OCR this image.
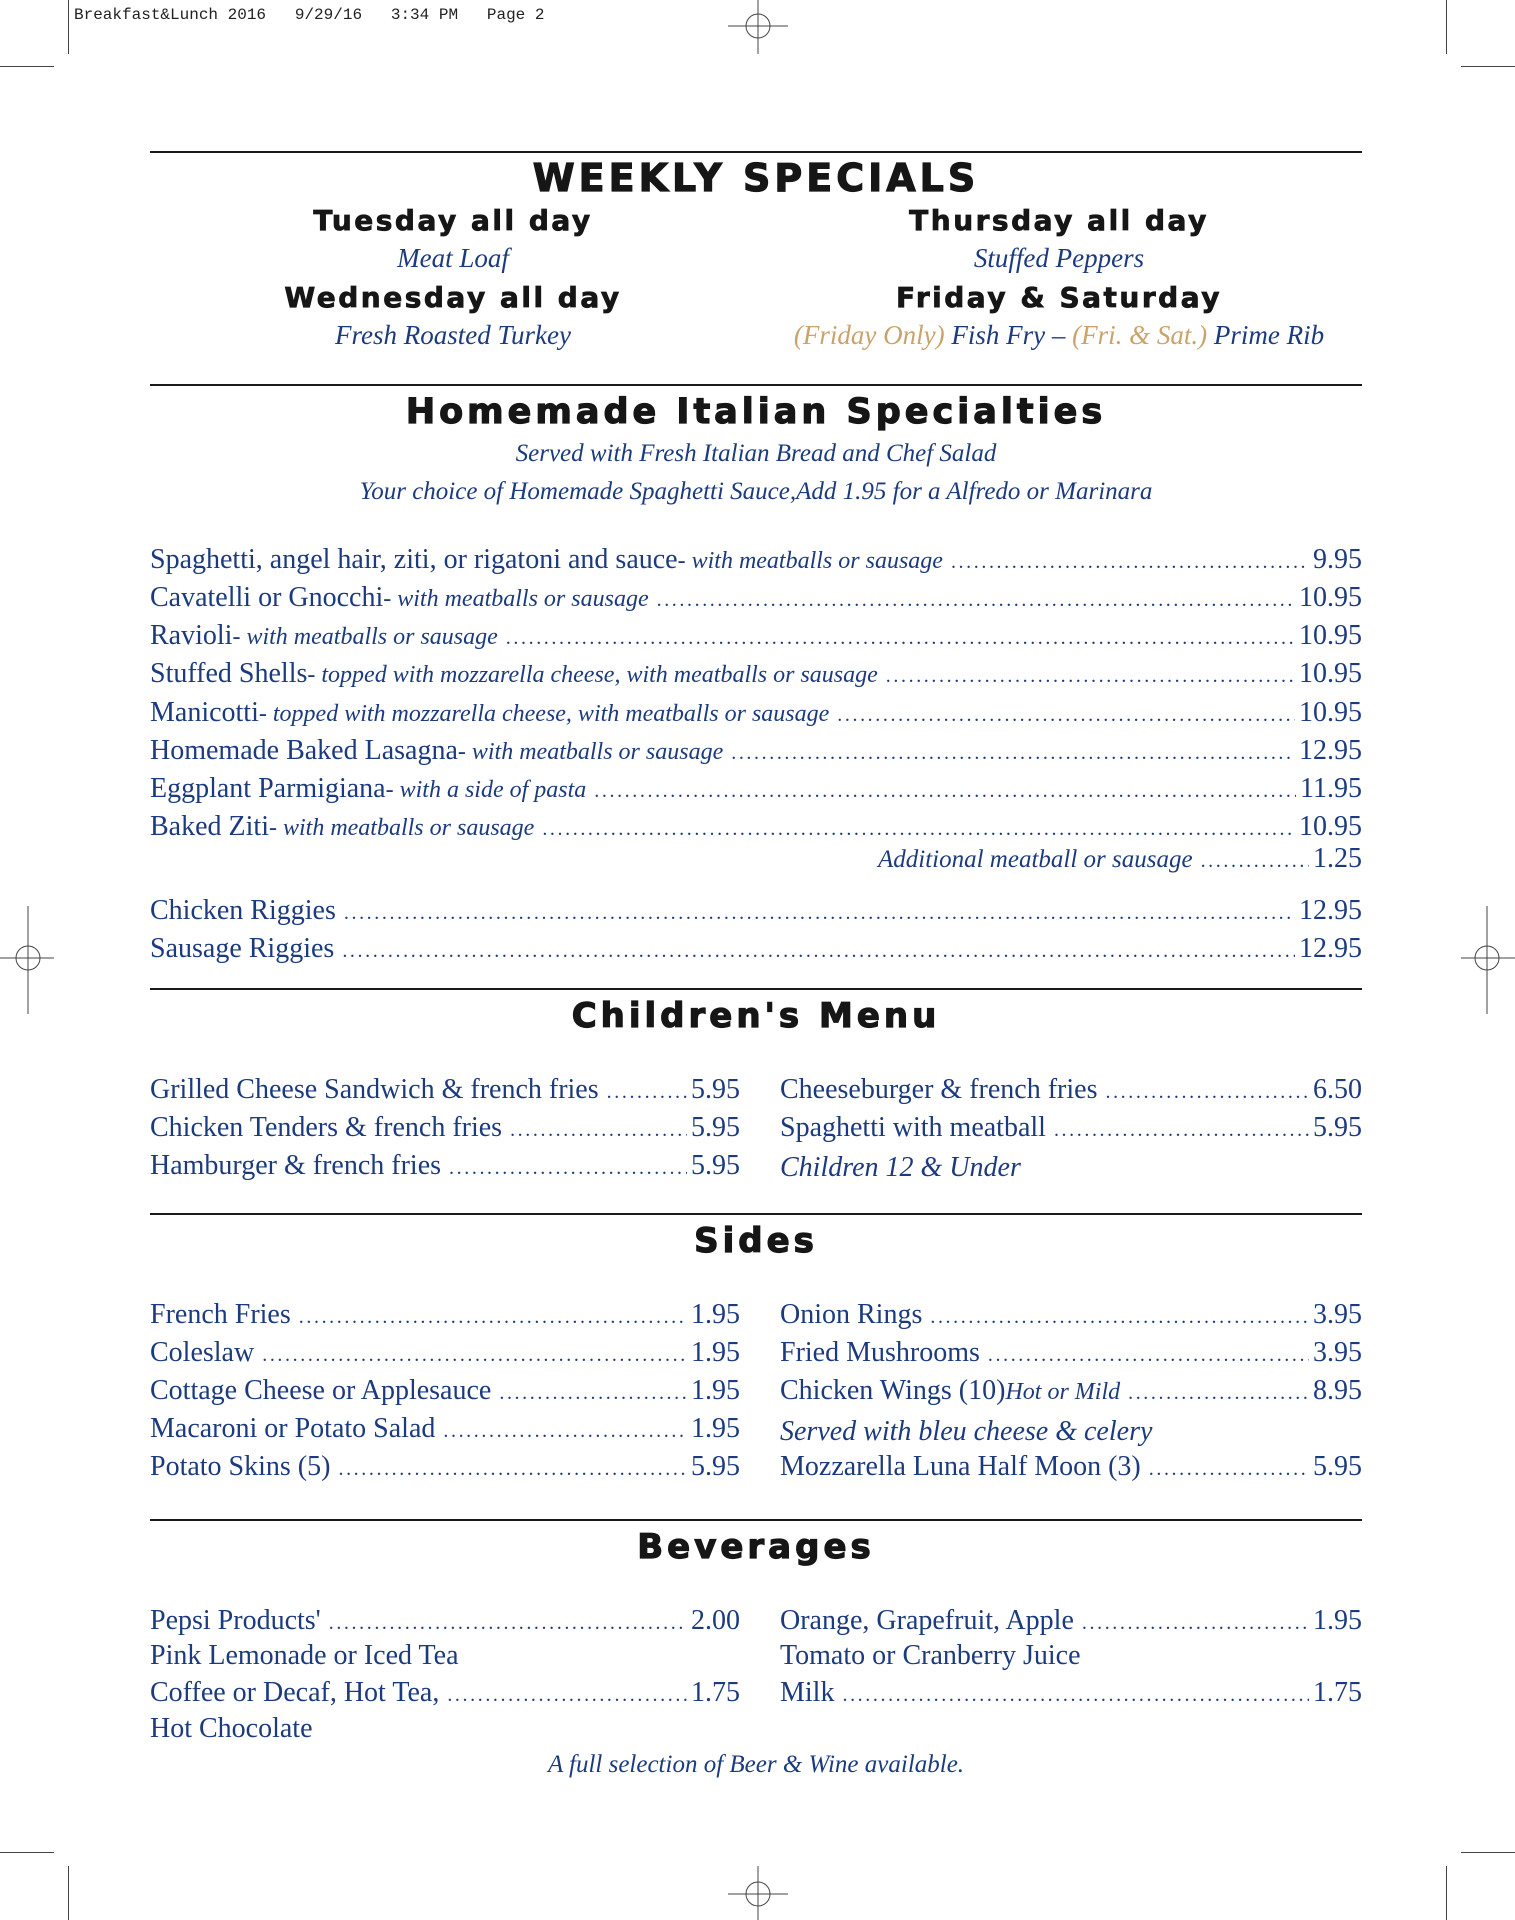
Breakfast&Lunch 2016   9/29/16   3:34 PM   Page 2
WEEKLY SPECIALS
Tuesday all day
Meat Loaf
Wednesday all day
Fresh Roasted Turkey
Thursday all day
Stuffed Peppers
Friday & Saturday
(Friday Only) Fish Fry – (Fri. & Sat.) Prime Rib
Homemade Italian Specialties
Served with Fresh Italian Bread and Chef Salad
Your choice of Homemade Spaghetti Sauce,Add 1.95 for a Alfredo or Marinara
Spaghetti, angel hair, ziti, or rigatoni and sauce - with meatballs or sausage .....	9.95
Cavatelli or Gnocchi - with meatballs or sausage .....	10.95
Ravioli - with meatballs or sausage .....	10.95
Stuffed Shells - topped with mozzarella cheese, with meatballs or sausage .....	10.95
Manicotti - topped with mozzarella cheese, with meatballs or sausage .....	10.95
Homemade Baked Lasagna - with meatballs or sausage .....	12.95
Eggplant Parmigiana - with a side of pasta .....	11.95
Baked Ziti - with meatballs or sausage .....	10.95
Chicken Riggies .....	12.95
Sausage Riggies .....	12.95
Additional meatball or sausage .....	1.25
Children's Menu
Grilled Cheese Sandwich & french fries .....	5.95
Chicken Tenders & french fries .....	5.95
Hamburger & french fries .....	5.95
Cheeseburger & french fries .....	6.50
Spaghetti with meatball .....	5.95
Children 12 & Under
Sides
French Fries .....	1.95
Coleslaw .....	1.95
Cottage Cheese or Applesauce .....	1.95
Macaroni or Potato Salad .....	1.95
Potato Skins (5) .....	5.95
Onion Rings .....	3.95
Fried Mushrooms .....	3.95
Chicken Wings (10) Hot or Mild .....	8.95
Mozzarella Luna Half Moon (3) .....	5.95
Served with bleu cheese & celery
Beverages
Pepsi Products' .....	2.00
Pink Lemonade or Iced Tea
Coffee or Decaf, Hot Tea, .....	1.75
Hot Chocolate
Orange, Grapefruit, Apple .....	1.95
Tomato or Cranberry Juice
Milk .....	1.75
A full selection of Beer & Wine available.
